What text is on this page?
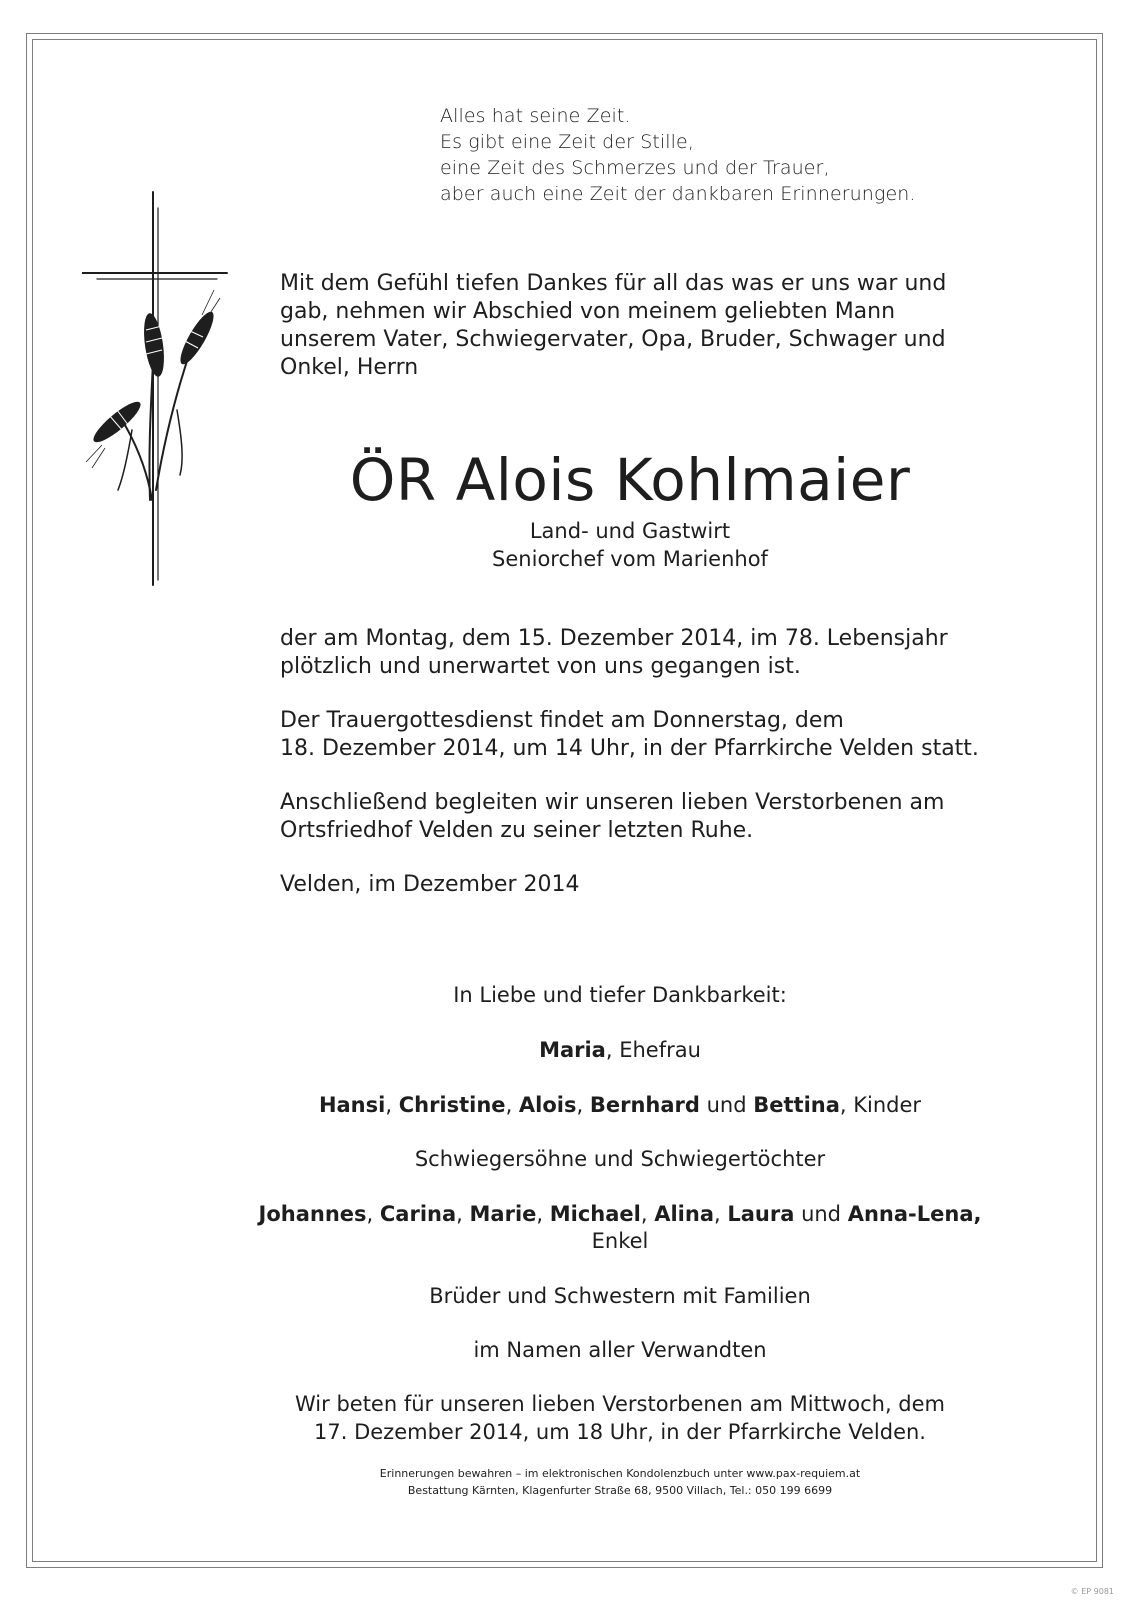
Alles hat seine Zeit.
Es gibt eine Zeit der Stille,
eine Zeit des Schmerzes und der Trauer,
aber auch eine Zeit der dankbaren Erinnerungen.
Mit dem Gefühl tiefen Dankes für all das was er uns war und
gab, nehmen wir Abschied von meinem geliebten Mann
unserem Vater, Schwiegervater, Opa, Bruder, Schwager und
Onkel, Herrn
ÖR Alois Kohlmaier
Land- und Gastwirt
Seniorchef vom Marienhof
der am Montag, dem 15. Dezember 2014, im 78. Lebensjahr
plötzlich und unerwartet von uns gegangen ist.
Der Trauergottesdienst findet am Donnerstag, dem
18. Dezember 2014, um 14 Uhr, in der Pfarrkirche Velden statt.
Anschließend begleiten wir unseren lieben Verstorbenen am
Ortsfriedhof Velden zu seiner letzten Ruhe.
Velden, im Dezember 2014
In Liebe und tiefer Dankbarkeit:
Maria, Ehefrau
Hansi, Christine, Alois, Bernhard und Bettina, Kinder
Schwiegersöhne und Schwiegertöchter
Johannes, Carina, Marie, Michael, Alina, Laura und Anna-Lena,
Enkel
Brüder und Schwestern mit Familien
im Namen aller Verwandten
Wir beten für unseren lieben Verstorbenen am Mittwoch, dem
17. Dezember 2014, um 18 Uhr, in der Pfarrkirche Velden.
Erinnerungen bewahren – im elektronischen Kondolenzbuch unter www.pax-requiem.at
Bestattung Kärnten, Klagenfurter Straße 68, 9500 Villach, Tel.: 050 199 6699
© EP 9081
